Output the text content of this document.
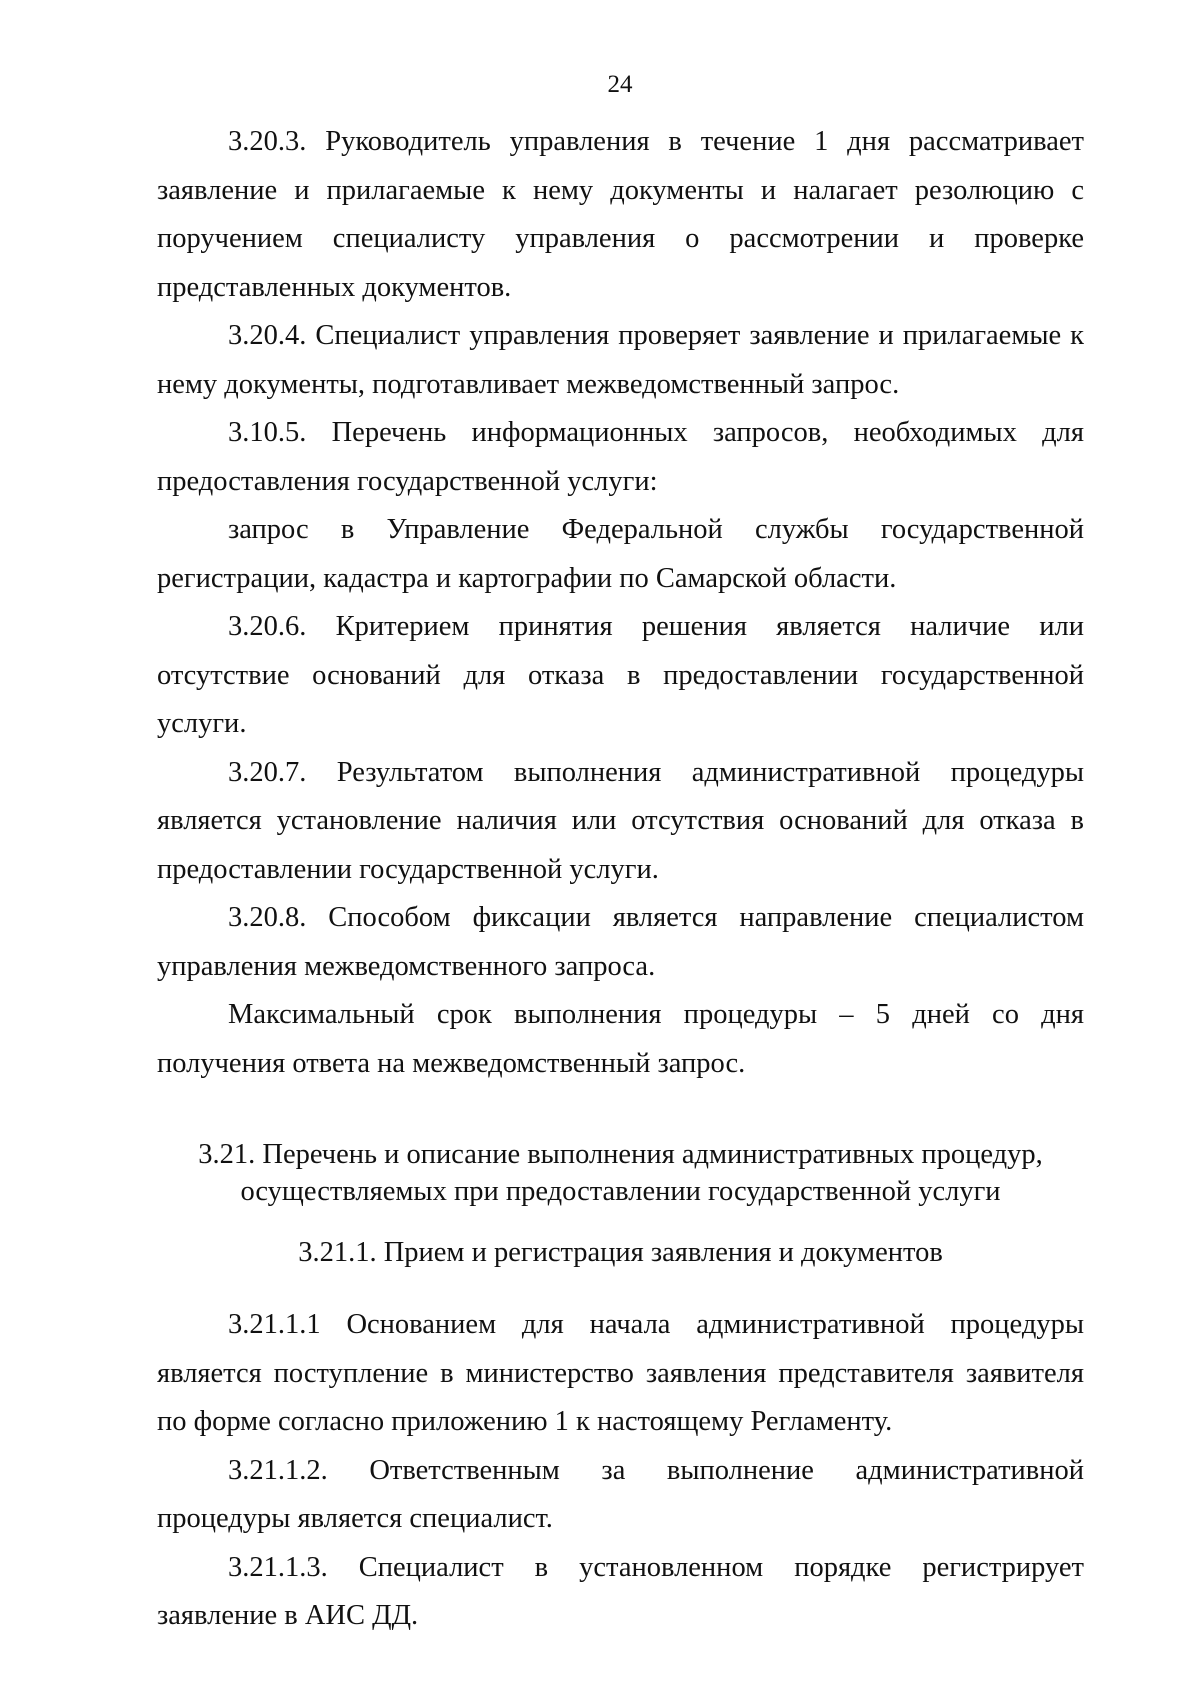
24

3.20.3. Руководитель управления в течение 1 дня рассматривает заявление и прилагаемые к нему документы и налагает резолюцию с поручением специалисту управления о рассмотрении и проверке представленных документов.

3.20.4. Специалист управления проверяет заявление и прилагаемые к нему документы, подготавливает межведомственный запрос.

3.10.5. Перечень информационных запросов, необходимых для предоставления государственной услуги:

запрос в Управление Федеральной службы государственной регистрации, кадастра и картографии по Самарской области.

3.20.6. Критерием принятия решения является наличие или отсутствие оснований для отказа в предоставлении государственной услуги.

3.20.7. Результатом выполнения административной процедуры является установление наличия или отсутствия оснований для отказа в предоставлении государственной услуги.

3.20.8. Способом фиксации является направление специалистом управления межведомственного запроса.

Максимальный срок выполнения процедуры – 5 дней со дня получения ответа на межведомственный запрос.

3.21. Перечень и описание выполнения административных процедур,
осуществляемых при предоставлении государственной услуги
3.21.1. Прием и регистрация заявления и документов

3.21.1.1 Основанием для начала административной процедуры является поступление в министерство заявления представителя заявителя по форме согласно приложению 1 к настоящему Регламенту.

3.21.1.2. Ответственным за выполнение административной процедуры является специалист.

3.21.1.3. Специалист в установленном порядке регистрирует заявление в АИС ДД.
